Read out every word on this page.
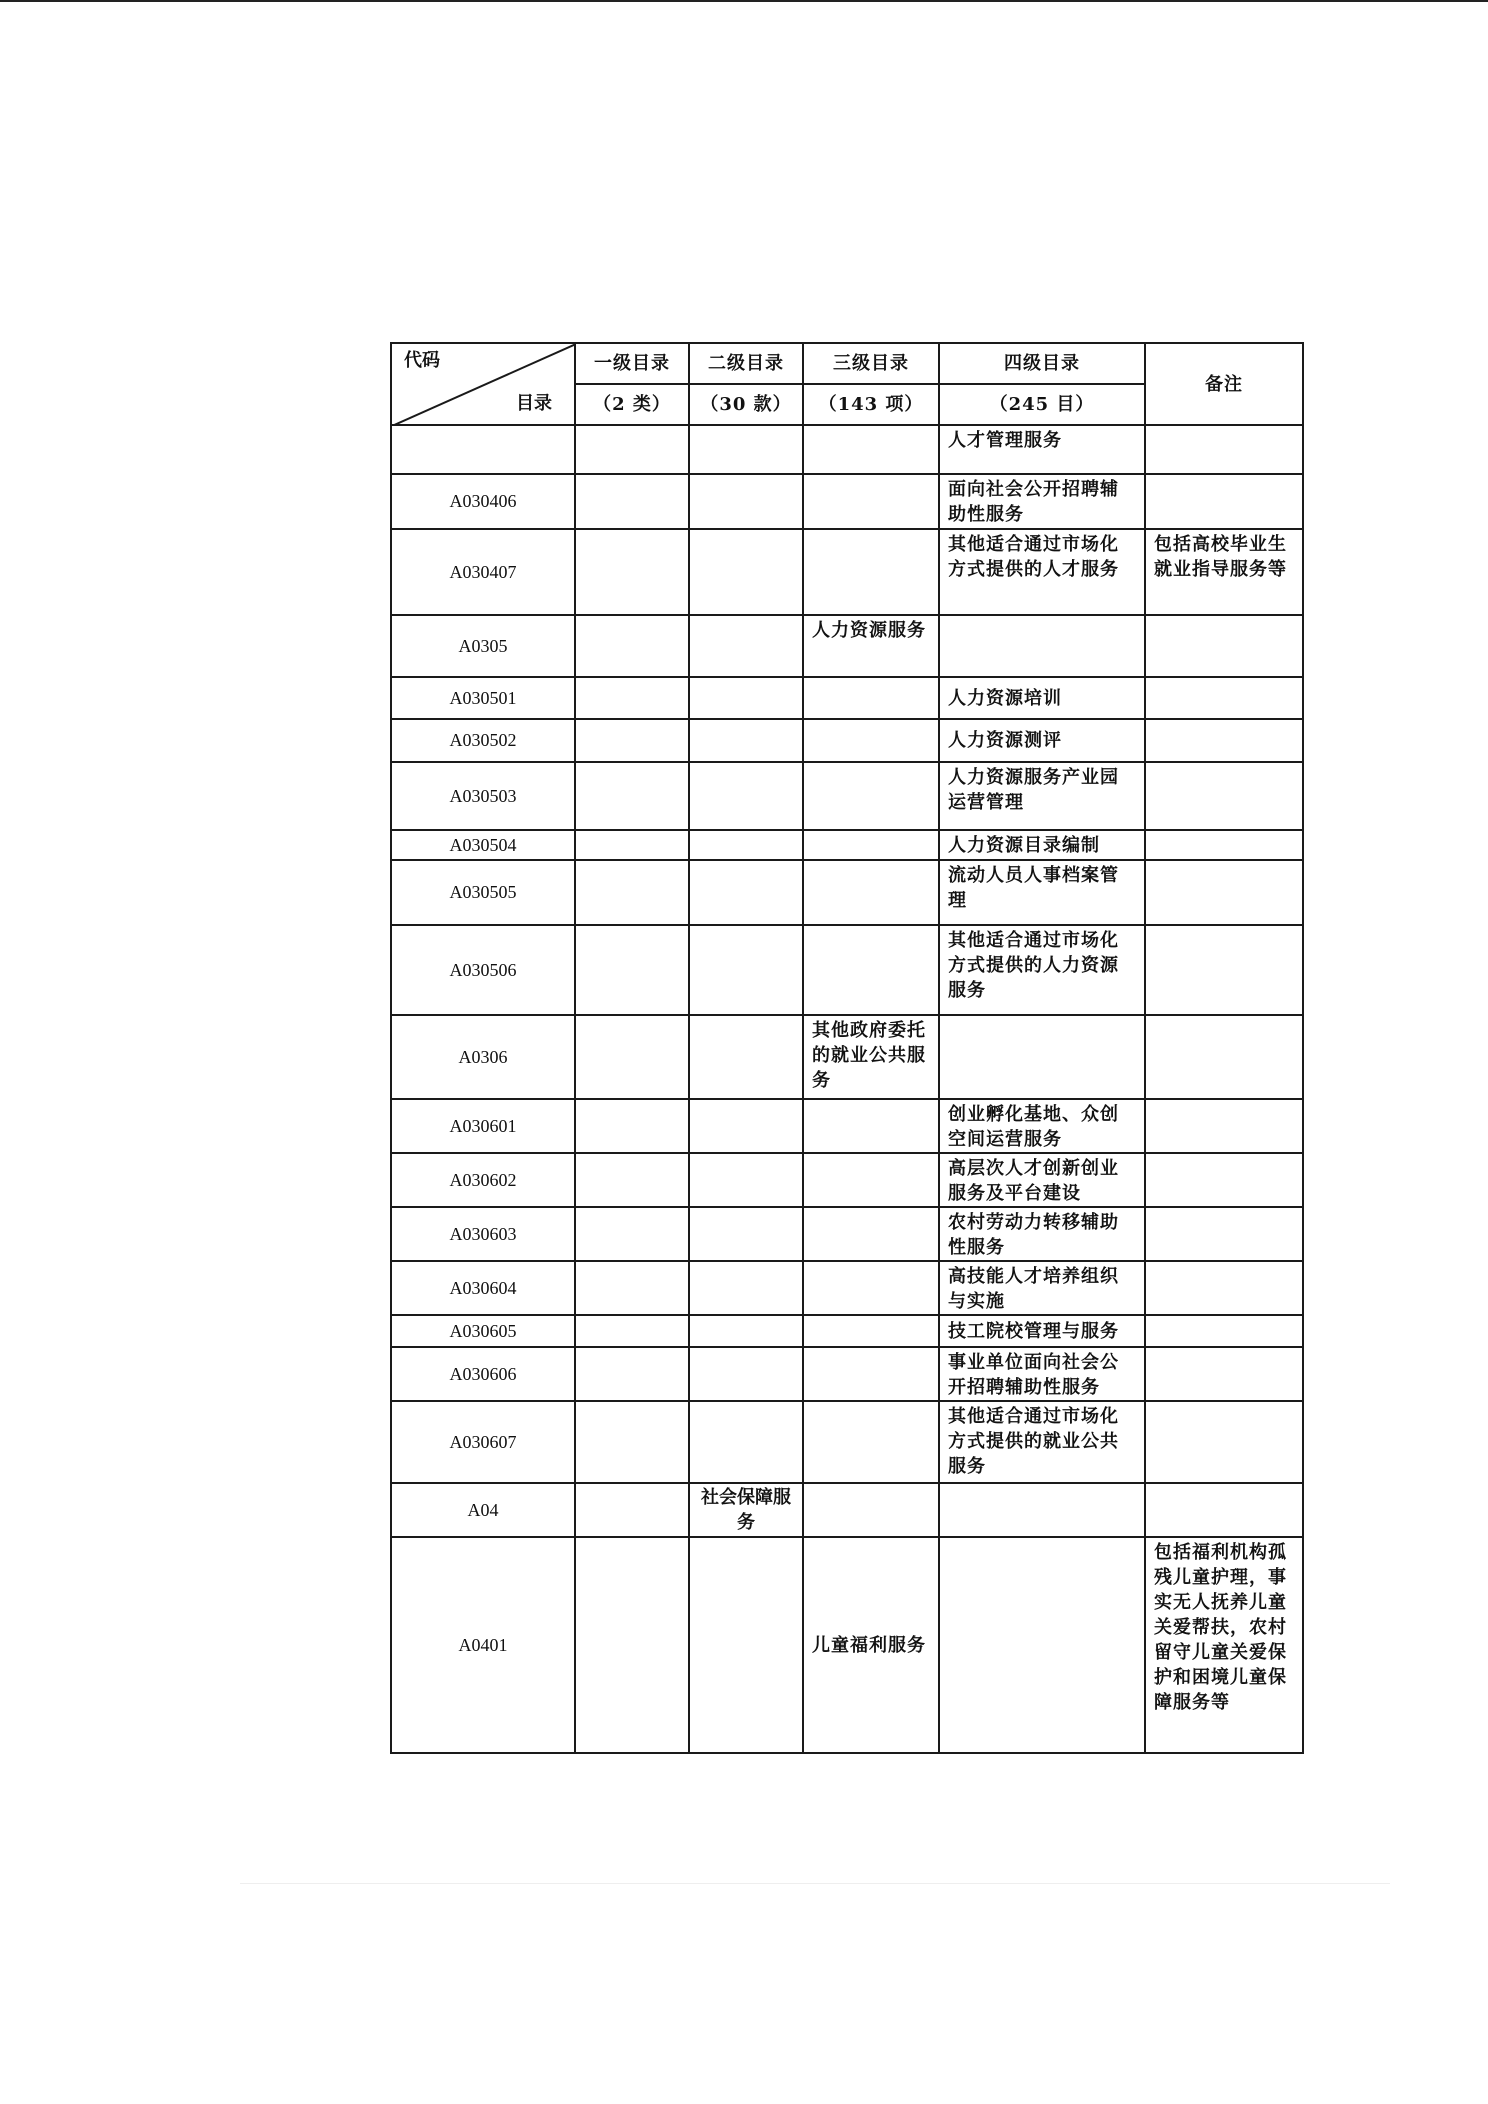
代码
目录	一级目录	二级目录	三级目录	四级目录	备注
	（2 类）	（30 款）	（143 项）	（245 目）	
				人才管理服务	
A030406				面向社会公开招聘辅助性服务	
A030407				其他适合通过市场化方式提供的人才服务	包括高校毕业生就业指导服务等
A0305			人力资源服务		
A030501				人力资源培训	
A030502				人力资源测评	
A030503				人力资源服务产业园运营管理	
A030504				人力资源目录编制	
A030505				流动人员人事档案管理	
A030506				其他适合通过市场化方式提供的人力资源服务	
A0306			其他政府委托的就业公共服务		
A030601				创业孵化基地、众创空间运营服务	
A030602				高层次人才创新创业服务及平台建设	
A030603				农村劳动力转移辅助性服务	
A030604				高技能人才培养组织与实施	
A030605				技工院校管理与服务	
A030606				事业单位面向社会公开招聘辅助性服务	
A030607				其他适合通过市场化方式提供的就业公共服务	
A04		社会保障服务			
A0401			儿童福利服务		包括福利机构孤残儿童护理，事实无人抚养儿童关爱帮扶，农村留守儿童关爱保护和困境儿童保障服务等
